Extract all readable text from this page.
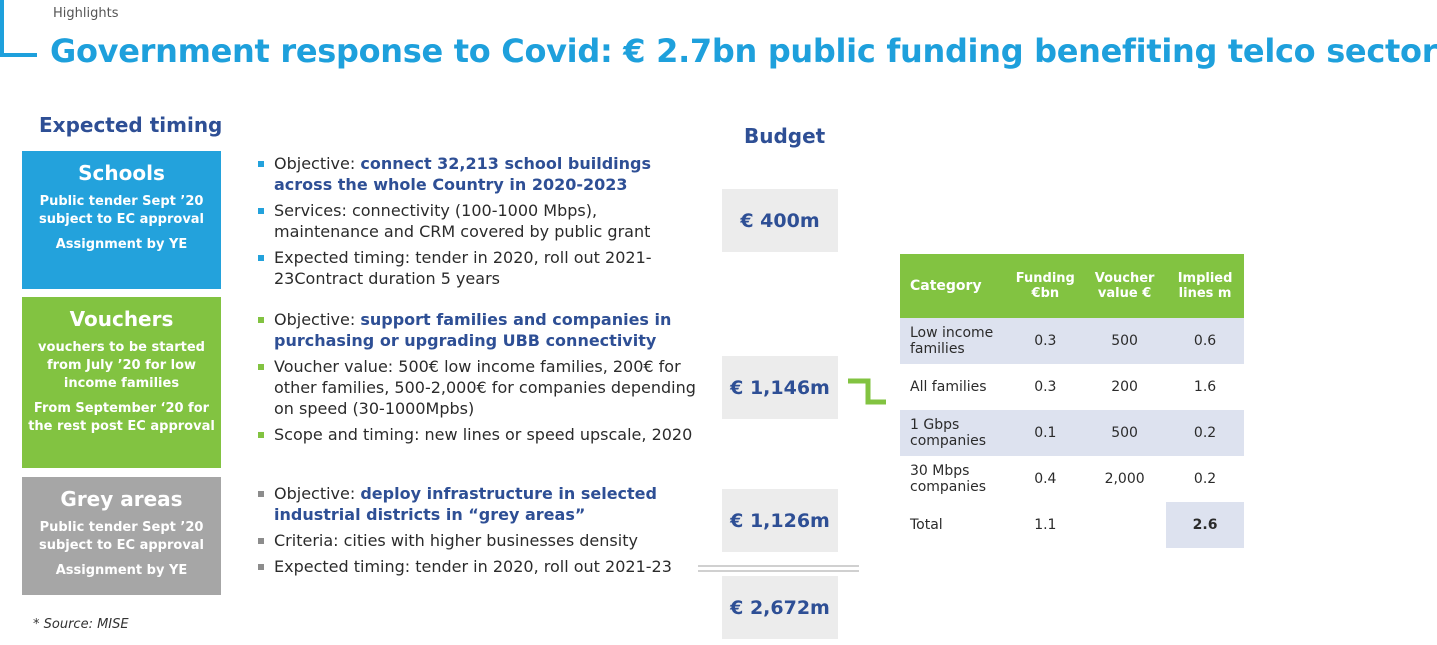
Highlights
Government response to Covid: € 2.7bn public funding benefiting telco sector
Expected timing	Budget
Schools
Public tender Sept ’20 subject to EC approval
Assignment by YE
Vouchers
vouchers to be started from July ’20 for low income families
From September ‘20 for the rest post EC approval
Grey areas
Public tender Sept ’20 subject to EC approval
Assignment by YE
Objective: connect 32,213 school buildings across the whole Country in 2020-2023
Services: connectivity (100-1000 Mbps), maintenance and CRM covered by public grant
Expected timing: tender in 2020, roll out 2021-23Contract duration 5 years
Objective: support families and companies in purchasing or upgrading UBB connectivity
Voucher value: 500€ low income families, 200€ for other families, 500-2,000€ for companies depending on speed (30-1000Mpbs)
Scope and timing: new lines or speed upscale, 2020
Objective: deploy infrastructure in selected industrial districts in “grey areas”
Criteria: cities with higher businesses density
Expected timing: tender in 2020, roll out 2021-23
€ 400m
€ 1,146m
€ 1,126m
€ 2,672m
Category	Funding €bn	Voucher value €	Implied lines m
Low income families	0.3	500	0.6
All families	0.3	200	1.6
1 Gbps companies	0.1	500	0.2
30 Mbps companies	0.4	2,000	0.2
Total	1.1		2.6
* Source: MISE
